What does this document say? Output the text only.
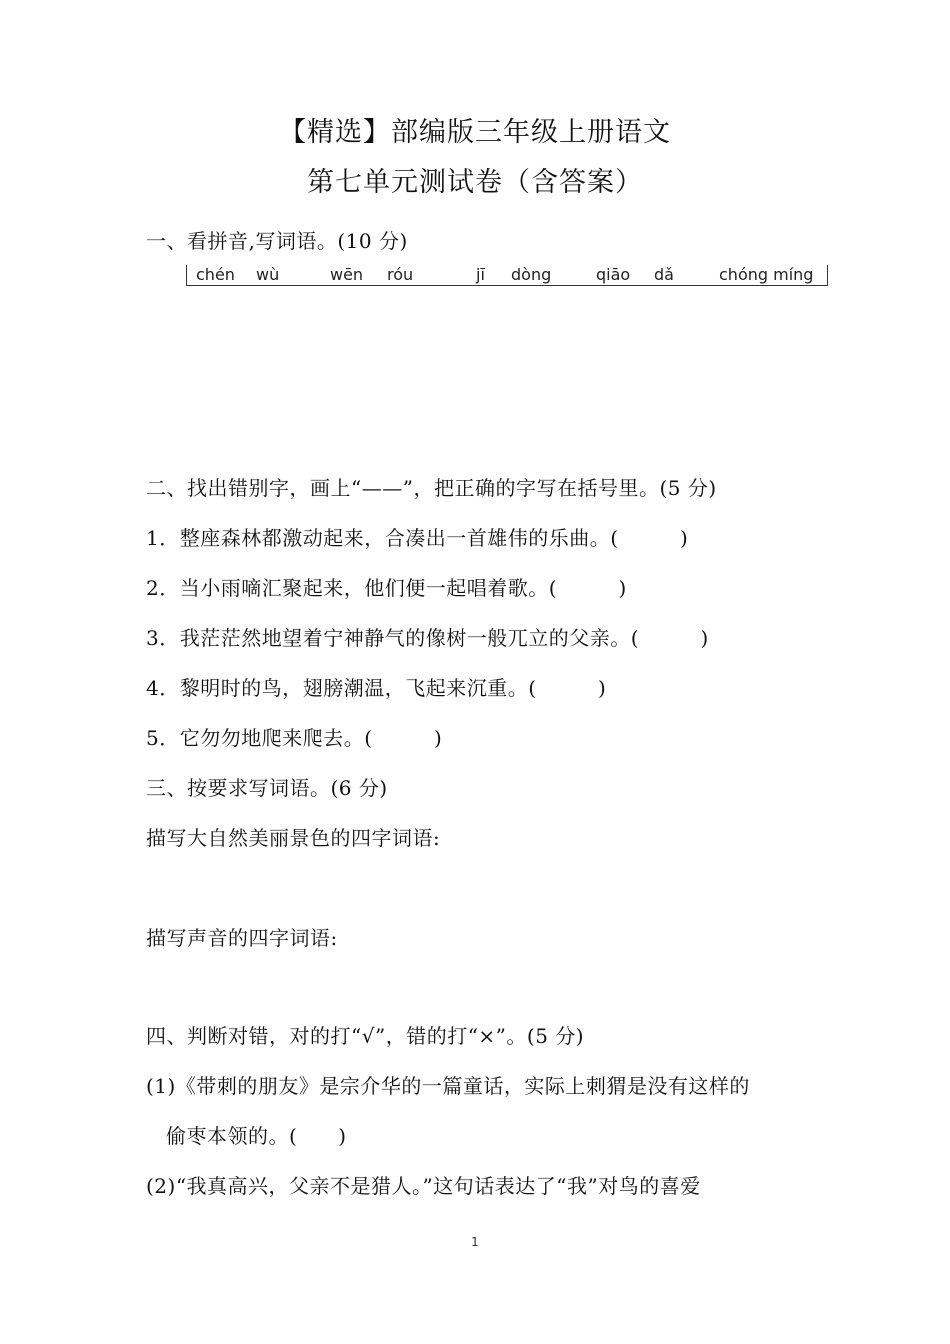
【精选】部编版三年级上册语文
第七单元测试卷（含答案）
一、看拼音,写词语。(10 分)
chén wù	wēn róu	jī dòng	qiāo dǎ	chóng míng
二、找出错别字，画上“——”，把正确的字写在括号里。(5 分)
1．整座森林都激动起来，合凑出一首雄伟的乐曲。(　　　)
2．当小雨嘀汇聚起来，他们便一起唱着歌。(　　　)
3．我茫茫然地望着宁神静气的像树一般兀立的父亲。(　　　)
4．黎明时的鸟，翅膀潮温，飞起来沉重。(　　　)
5．它勿勿地爬来爬去。(　　　)
三、按要求写词语。(6 分)
描写大自然美丽景色的四字词语:
描写声音的四字词语:
四、判断对错，对的打“√”，错的打“×”。(5 分)
(1)《带刺的朋友》是宗介华的一篇童话，实际上刺猬是没有这样的
偷枣本领的。(　　)
(2)“我真高兴，父亲不是猎人。”这句话表达了“我”对鸟的喜爱
1
